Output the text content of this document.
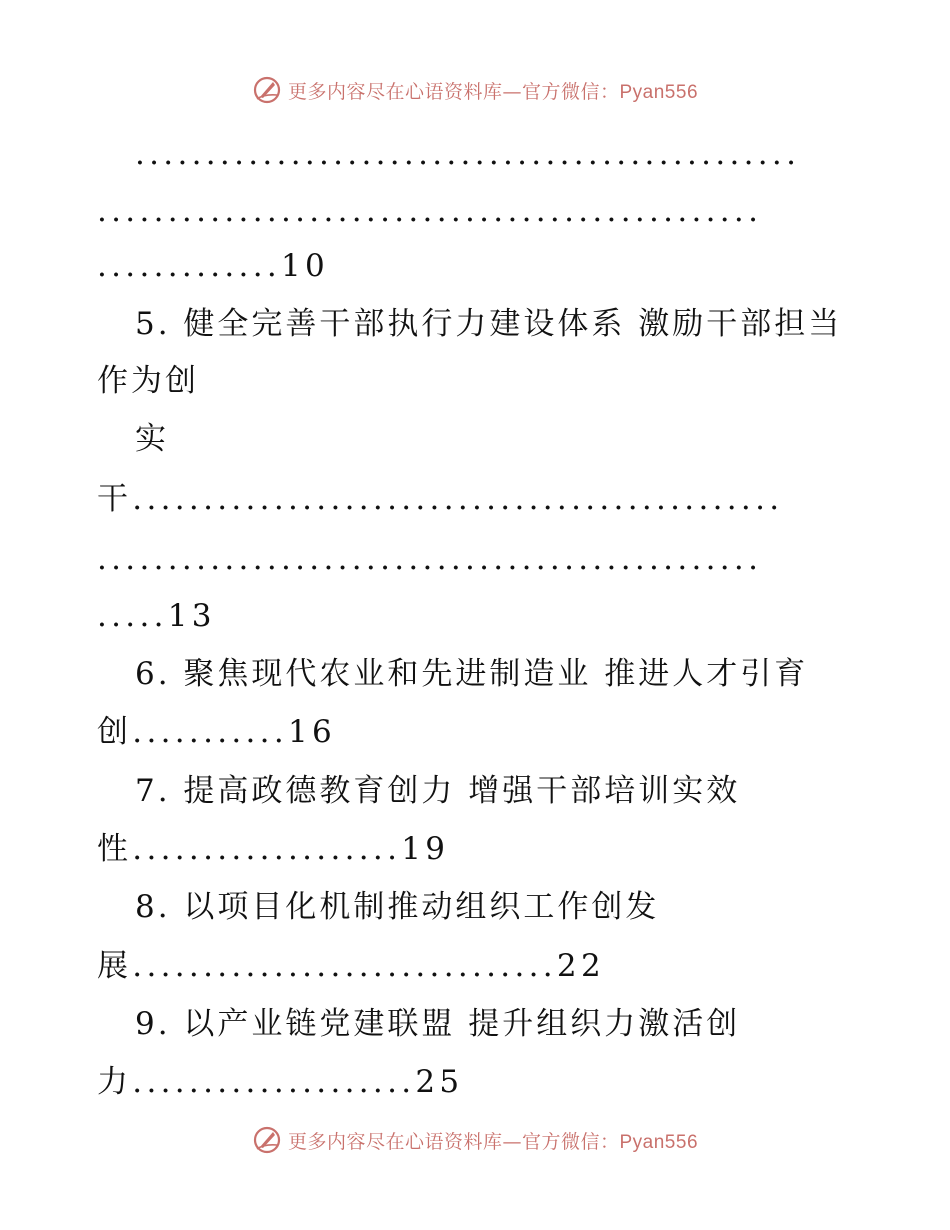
更多内容尽在心语资料库—官方微信：Pyan556
...............................................
...............................................
.............10
5. 健全完善干部执行力建设体系 激励干部担当
作为创
实
干..............................................
...............................................
.....13
6. 聚焦现代农业和先进制造业 推进人才引育
创...........16
7. 提高政德教育创力 增强干部培训实效
性...................19
8. 以项目化机制推动组织工作创发
展..............................22
9. 以产业链党建联盟 提升组织力激活创
力....................25
更多内容尽在心语资料库—官方微信：Pyan556
